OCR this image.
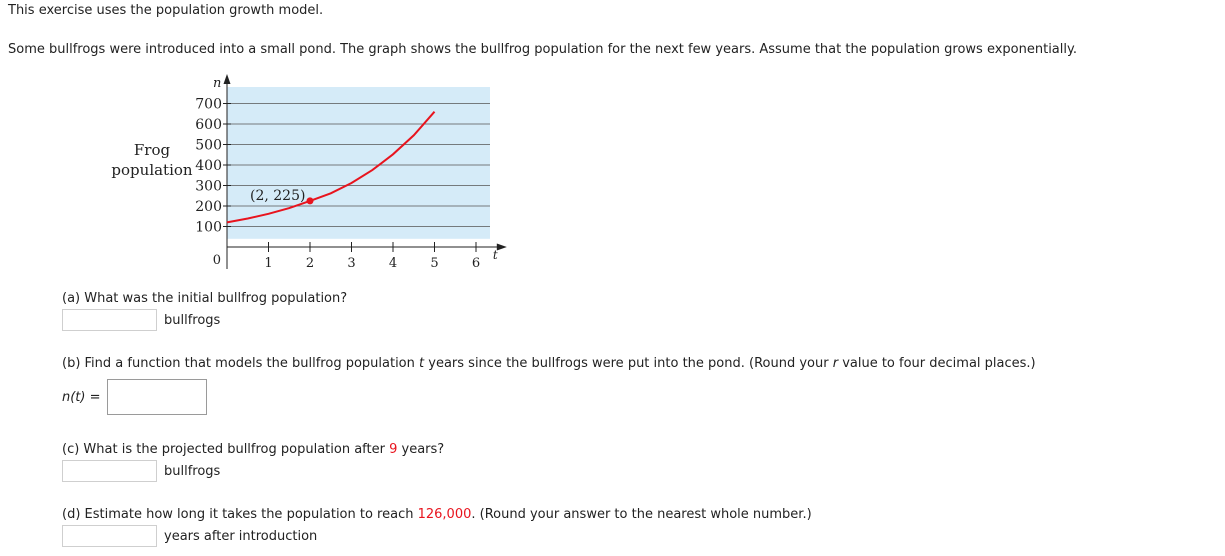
This exercise uses the population growth model.
Some bullfrogs were introduced into a small pond. The graph shows the bullfrog population for the next few years. Assume that the population grows exponentially.
100
200
300
400
500
600
700
1	2	3	4	5	6
n
t
0
Frog
population
(2, 225)
(a) What was the initial bullfrog population?
bullfrogs
(b) Find a function that models the bullfrog population t years since the bullfrogs were put into the pond. (Round your r value to four decimal places.)
n(t) =
(c) What is the projected bullfrog population after 9 years?
bullfrogs
(d) Estimate how long it takes the population to reach 126,000. (Round your answer to the nearest whole number.)
years after introduction
